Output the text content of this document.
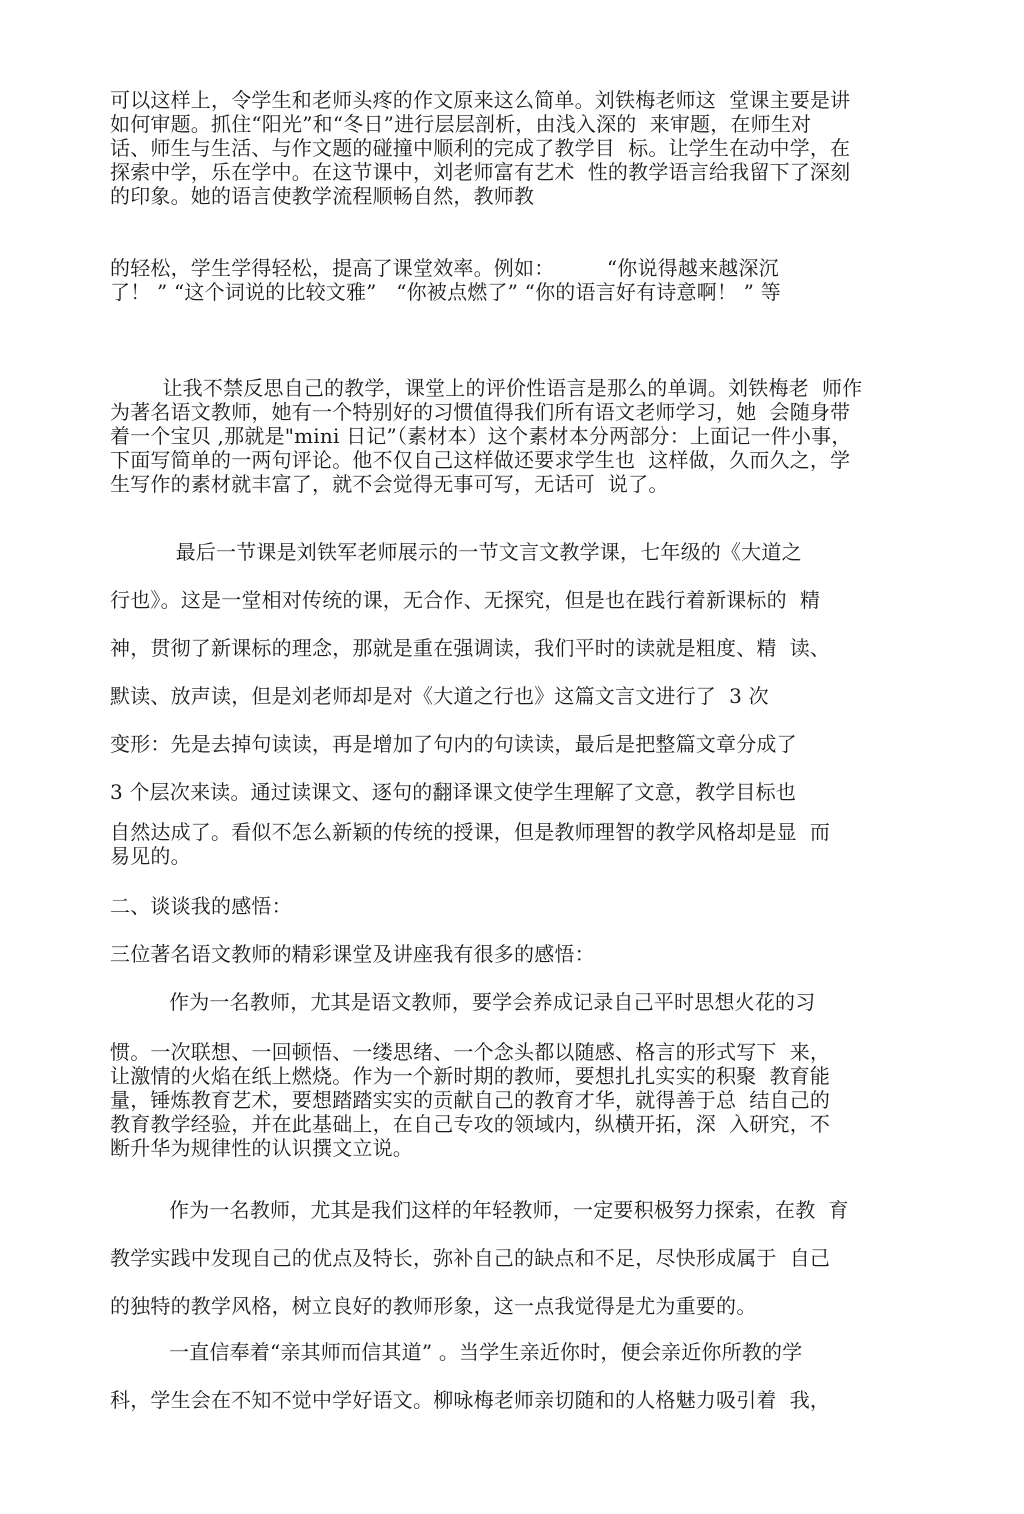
可以这样上，令学生和老师头疼的作文原来这么简单。刘铁梅老师这  堂课主要是讲
如何审题。抓住“阳光”和“冬日”进行层层剖析，由浅入深的  来审题，在师生对
话、师生与生活、与作文题的碰撞中顺利的完成了教学目  标。让学生在动中学，在
探索中学，乐在学中。在这节课中，刘老师富有艺术  性的教学语言给我留下了深刻
的印象。她的语言使教学流程顺畅自然，教师教
的轻松，学生学得轻松，提高了课堂效率。例如：        “你说得越来越深沉
了！ ” “这个词说的比较文雅”   “你被点燃了” “你的语言好有诗意啊！ ” 等
让我不禁反思自己的教学，课堂上的评价性语言是那么的单调。刘铁梅老  师作
为著名语文教师，她有一个特别好的习惯值得我们所有语文老师学习，她  会随身带
着一个宝贝 ,那就是"mini 日记”（素材本）这个素材本分两部分：上面记一件小事，
下面写简单的一两句评论。他不仅自己这样做还要求学生也  这样做，久而久之，学
生写作的素材就丰富了，就不会觉得无事可写，无话可  说了。
最后一节课是刘铁军老师展示的一节文言文教学课，七年级的《大道之
行也》。这是一堂相对传统的课，无合作、无探究，但是也在践行着新课标的  精
神，贯彻了新课标的理念，那就是重在强调读，我们平时的读就是粗度、精  读、
默读、放声读，但是刘老师却是对《大道之行也》这篇文言文进行了  3 次
变形：先是去掉句读读，再是增加了句内的句读读，最后是把整篇文章分成了
3 个层次来读。通过读课文、逐句的翻译课文使学生理解了文意，教学目标也
自然达成了。看似不怎么新颖的传统的授课，但是教师理智的教学风格却是显  而
易见的。
二、谈谈我的感悟：
三位著名语文教师的精彩课堂及讲座我有很多的感悟：
作为一名教师，尤其是语文教师，要学会养成记录自己平时思想火花的习
惯。一次联想、一回顿悟、一缕思绪、一个念头都以随感、格言的形式写下  来，
让激情的火焰在纸上燃烧。作为一个新时期的教师，要想扎扎实实的积聚  教育能
量，锤炼教育艺术，要想踏踏实实的贡献自己的教育才华，就得善于总  结自己的
教育教学经验，并在此基础上，在自己专攻的领域内，纵横开拓，深  入研究，不
断升华为规律性的认识撰文立说。
作为一名教师，尤其是我们这样的年轻教师，一定要积极努力探索，在教  育
教学实践中发现自己的优点及特长，弥补自己的缺点和不足，尽快形成属于  自己
的独特的教学风格，树立良好的教师形象，这一点我觉得是尤为重要的。
一直信奉着“亲其师而信其道” 。当学生亲近你时，便会亲近你所教的学
科，学生会在不知不觉中学好语文。柳咏梅老师亲切随和的人格魅力吸引着  我，
